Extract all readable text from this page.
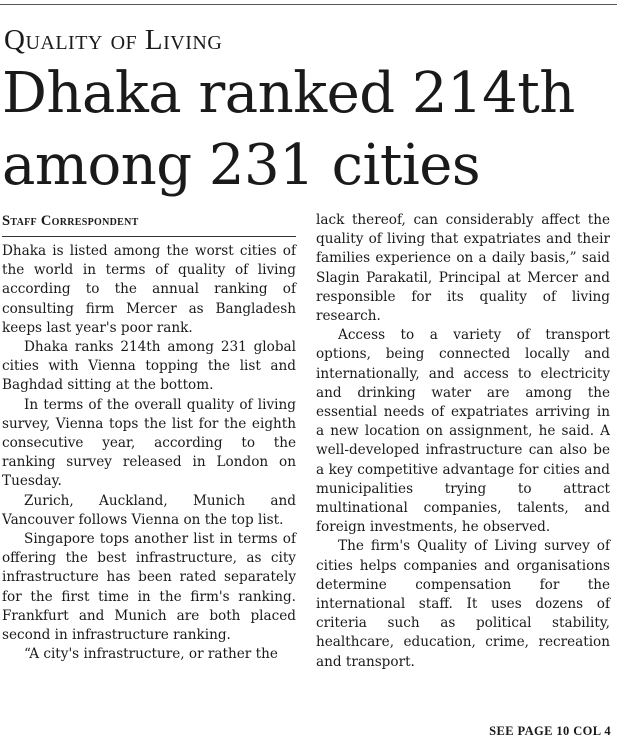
Quality of Living
Dhaka ranked 214th among 231 cities
Staff Correspondent

Dhaka is listed among the worst cities of the world in terms of quality of living according to the annual ranking of consulting firm Mercer as Bangladesh keeps last year's poor rank.

Dhaka ranks 214th among 231 global cities with Vienna topping the list and Baghdad sitting at the bottom.

In terms of the overall quality of living survey, Vienna tops the list for the eighth consecutive year, according to the ranking survey released in London on Tuesday.

Zurich, Auckland, Munich and Vancouver follows Vienna on the top list.

Singapore tops another list in terms of offering the best infrastructure, as city infrastructure has been rated separately for the first time in the firm's ranking. Frankfurt and Munich are both placed second in infrastructure ranking.

“A city's infrastructure, or rather the

lack thereof, can considerably affect the quality of living that expatriates and their families experience on a daily basis,” said Slagin Parakatil, Principal at Mercer and responsible for its quality of living research.

Access to a variety of transport options, being connected locally and internationally, and access to electricity and drinking water are among the essential needs of expatriates arriving in a new location on assignment, he said. A well-developed infrastructure can also be a key competitive advantage for cities and municipalities trying to attract multinational companies, talents, and foreign investments, he observed.

The firm's Quality of Living survey of cities helps companies and organisations determine compensation for the international staff. It uses dozens of criteria such as political stability, healthcare, education, crime, recreation and transport.

SEE PAGE 10 COL 4
